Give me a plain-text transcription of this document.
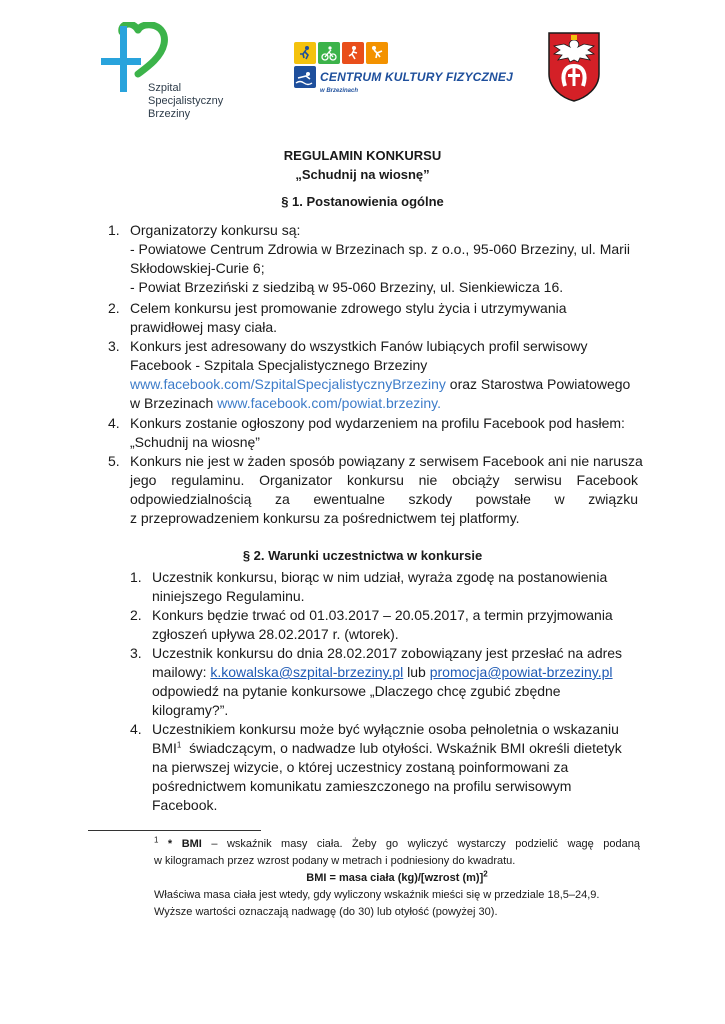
Szpital
Specjalistyczny
Brzeziny
CENTRUM KULTURY FIZYCZNEJ
w Brzezinach
REGULAMIN KONKURSU
„Schudnij na wiosnę”
§ 1. Postanowienia ogólne
1. Organizatorzy konkursu są:
- Powiatowe Centrum Zdrowia w Brzezinach sp. z o.o., 95-060 Brzeziny, ul. Marii
Skłodowskiej-Curie 6;
- Powiat Brzeziński z siedzibą w 95-060 Brzeziny, ul. Sienkiewicza 16.
2. Celem konkursu jest promowanie zdrowego stylu życia i utrzymywania
prawidłowej masy ciała.
3. Konkurs jest adresowany do wszystkich Fanów lubiących profil serwisowy
Facebook - Szpitala Specjalistycznego Brzeziny
www.facebook.com/SzpitalSpecjalistycznyBrzeziny oraz Starostwa Powiatowego
w Brzezinach www.facebook.com/powiat.brzeziny.
4. Konkurs zostanie ogłoszony pod wydarzeniem na profilu Facebook pod hasłem:
„Schudnij na wiosnę”
5. Konkurs nie jest w żaden sposób powiązany z serwisem Facebook ani nie narusza
jego regulaminu. Organizator konkursu nie obciąży serwisu Facebook
odpowiedzialnością za ewentualne szkody powstałe w związku
z przeprowadzeniem konkursu za pośrednictwem tej platformy.
§ 2. Warunki uczestnictwa w konkursie
1. Uczestnik konkursu, biorąc w nim udział, wyraża zgodę na postanowienia
niniejszego Regulaminu.
2. Konkurs będzie trwać od 01.03.2017 – 20.05.2017, a termin przyjmowania
zgłoszeń upływa 28.02.2017 r. (wtorek).
3. Uczestnik konkursu do dnia 28.02.2017 zobowiązany jest przesłać na adres
mailowy: k.kowalska@szpital-brzeziny.pl lub promocja@powiat-brzeziny.pl
odpowiedź na pytanie konkursowe „Dlaczego chcę zgubić zbędne
kilogramy?”.
4. Uczestnikiem konkursu może być wyłącznie osoba pełnoletnia o wskazaniu
BMI$^1$  świadczącym, o nadwadze lub otyłości. Wskaźnik BMI określi dietetyk
na pierwszej wizycie, o której uczestnicy zostaną poinformowani za
pośrednictwem komunikatu zamieszczonego na profilu serwisowym
Facebook.
$^1$ * BMI – wskaźnik masy ciała. Żeby go wyliczyć wystarczy podzielić wagę podaną
w kilogramach przez wzrost podany w metrach i podniesiony do kwadratu.
BMI = masa ciała (kg)/[wzrost (m)]$^2$
Właściwa masa ciała jest wtedy, gdy wyliczony wskaźnik mieści się w przedziale 18,5–24,9.
Wyższe wartości oznaczają nadwagę (do 30) lub otyłość (powyżej 30).
